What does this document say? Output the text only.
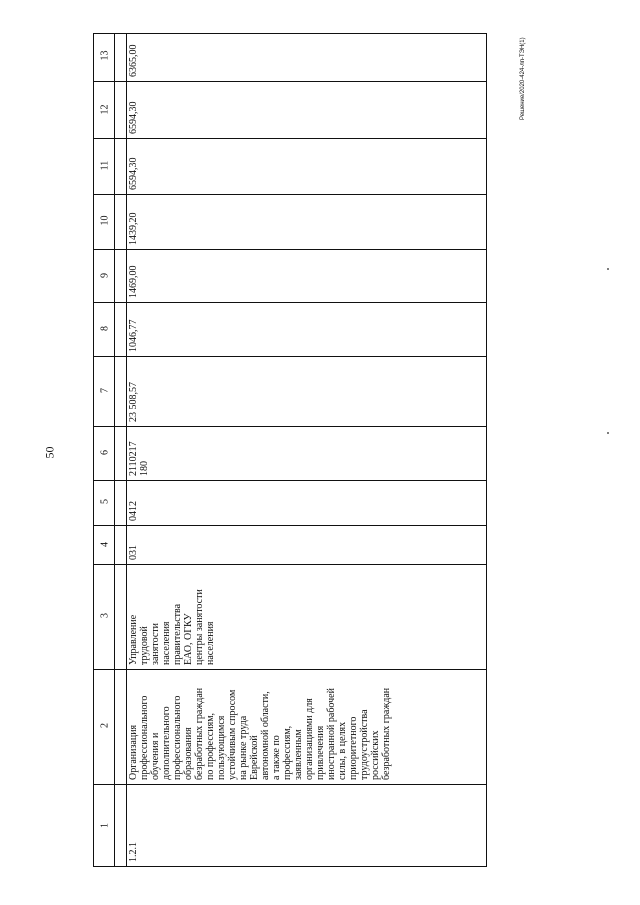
50
Решение/2020-424-лп-ТЭН(1)
13
12
11
10
9
8
7
6
5
4
3
2
1
1.2.1
Организация профессионального обучения и дополнительного профессионального образования безработных граждан по профессиям, пользующимся устойчивым спросом на рынке труда Еврейской автономной области, а также по профессиям, заявленным организациями для привлечения иностранной рабочей силы, в целях приоритетного трудоустройства российских безработных граждан
Управление трудовой занятости населения правительства ЕАО, ОГКУ центры занятости населения
031
0412
2110217 180
23 508,57
1046,77
1469,00
1439,20
6594,30
6594,30
6365,00
